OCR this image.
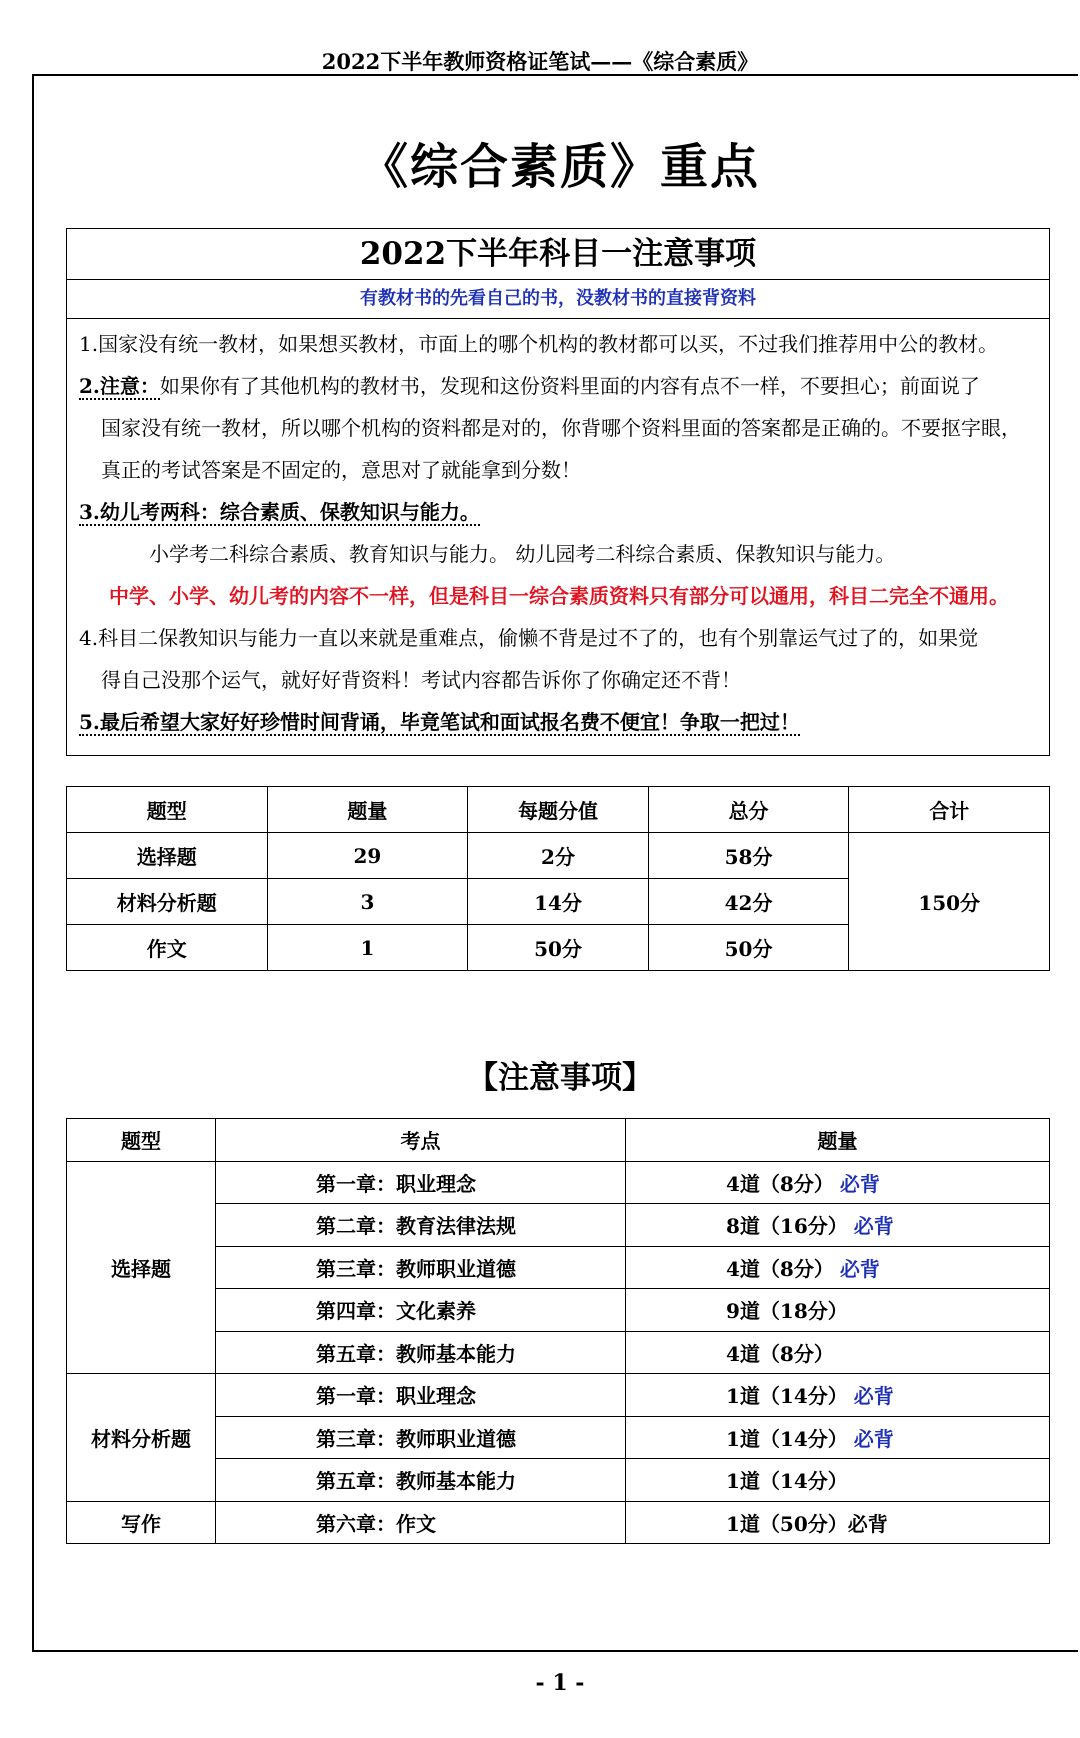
2022下半年教师资格证笔试——《综合素质》
《综合素质》重点
2022下半年科目一注意事项
有教材书的先看自己的书，没教材书的直接背资料

1.国家没有统一教材，如果想买教材，市面上的哪个机构的教材都可以买，不过我们推荐用中公的教材。

2.注意：如果你有了其他机构的教材书，发现和这份资料里面的内容有点不一样，不要担心；前面说了

国家没有统一教材，所以哪个机构的资料都是对的，你背哪个资料里面的答案都是正确的。不要抠字眼，真正的考试答案是不固定的，意思对了就能拿到分数！

3.幼儿考两科：综合素质、保教知识与能力。

小学考二科综合素质、教育知识与能力。 幼儿园考二科综合素质、保教知识与能力。

中学、小学、幼儿考的内容不一样，但是科目一综合素质资料只有部分可以通用，科目二完全不通用。

4.科目二保教知识与能力一直以来就是重难点，偷懒不背是过不了的，也有个别靠运气过了的，如果觉

得自己没那个运气，就好好背资料！考试内容都告诉你了你确定还不背！

5.最后希望大家好好珍惜时间背诵，毕竟笔试和面试报名费不便宜！争取一把过！

题型	题量	每题分值	总分	合计
选择题	29	2分	58分	150分
材料分析题	3	14分	42分	
作文	1	50分	50分	
【注意事项】
题型	考点	题量
选择题	第一章：职业理念	4道（8分） 必背
	第二章：教育法律法规	8道（16分） 必背
	第三章：教师职业道德	4道（8分） 必背
	第四章：文化素养	9道（18分）
	第五章：教师基本能力	4道（8分）
材料分析题	第一章：职业理念	1道（14分） 必背
	第三章：教师职业道德	1道（14分） 必背
	第五章：教师基本能力	1道（14分）
写作	第六章：作文	1道（50分）必背
- 1 -
